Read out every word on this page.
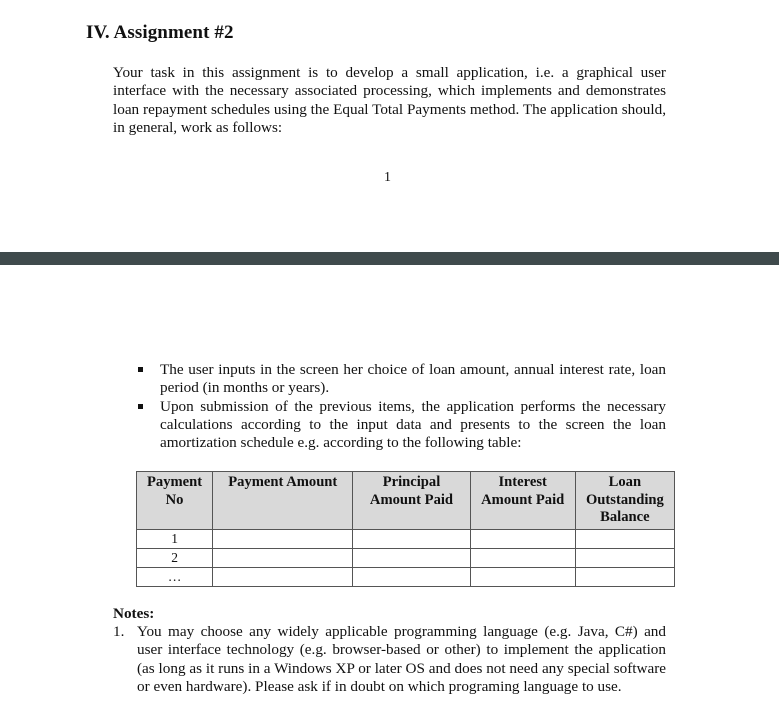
IV. Assignment #2
Your task in this assignment is to develop a small application, i.e. a graphical user interface with the necessary associated processing, which implements and demonstrates loan repayment schedules using the Equal Total Payments method. The application should, in general, work as follows:
1
The user inputs in the screen her choice of loan amount, annual interest rate, loan period (in months or years).
Upon submission of the previous items, the application performs the necessary calculations according to the input data and presents to the screen the loan amortization schedule e.g. according to the following table:
Payment No	Payment Amount	Principal Amount Paid	Interest Amount Paid	Loan Outstanding Balance
1				
2				
…				
Notes:
1. You may choose any widely applicable programming language (e.g. Java, C#) and user interface technology (e.g. browser-based or other) to implement the application (as long as it runs in a Windows XP or later OS and does not need any special software or even hardware). Please ask if in doubt on which programing language to use.
